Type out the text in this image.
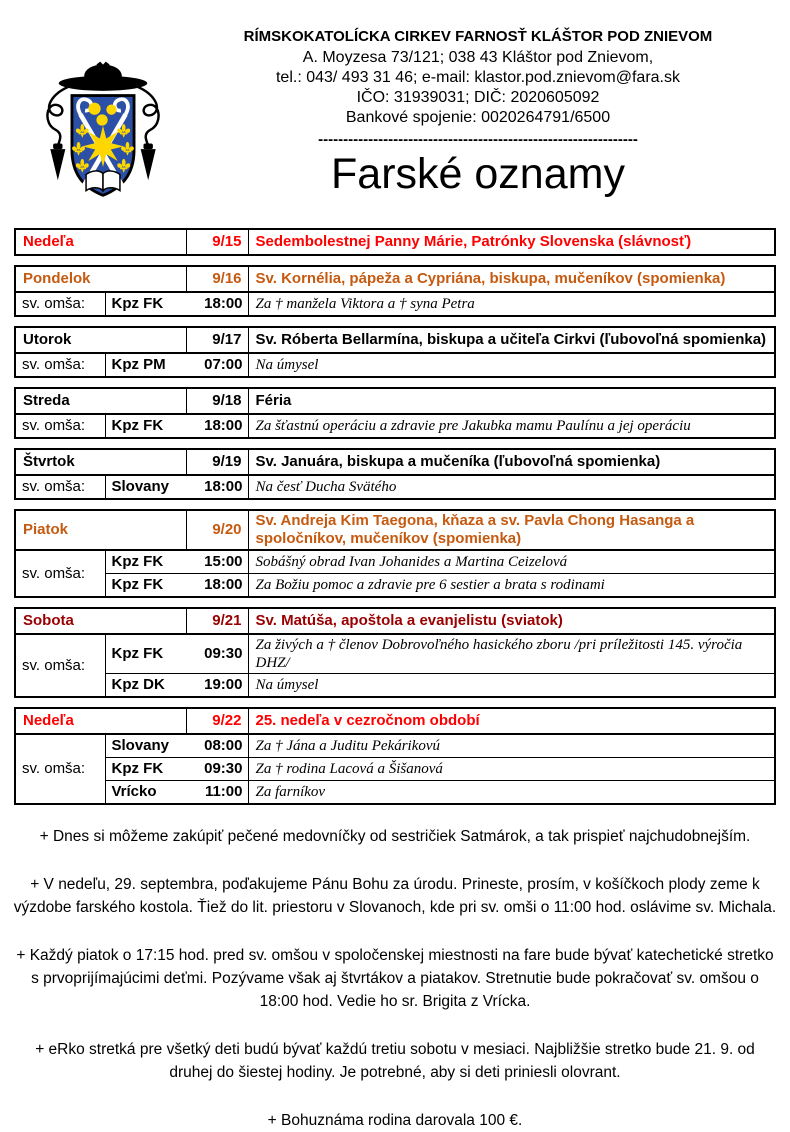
RÍMSKOKATOLÍCKA CIRKEV FARNOSŤ KLÁŠTOR POD ZNIEVOM
A. Moyzesa 73/121; 038 43 Kláštor pod Znievom,
tel.: 043/ 493 31 46; e-mail: klastor.pod.znievom@fara.sk
IČO: 31939031; DIČ: 2020605092
Bankové spojenie: 0020264791/6500
----------------------------------------------------------------
Farské oznamy
Nedeľa	9/15	Sedembolestnej Panny Márie, Patrónky Slovenska (slávnosť)
Pondelok		9/16	Sv. Kornélia, pápeža a Cypriána, biskupa, mučeníkov (spomienka)
sv. omša:	Kpz FK	18:00	Za † manžela Viktora a † syna Petra
Utorok		9/17	Sv. Róberta Bellarmína, biskupa a učiteľa Cirkvi (ľubovoľná spomienka)
sv. omša:	Kpz PM	07:00	Na úmysel
Streda		9/18	Féria
sv. omša:	Kpz FK	18:00	Za šťastnú operáciu a zdravie pre Jakubka mamu Paulínu a jej operáciu
Štvrtok		9/19	Sv. Januára, biskupa a mučeníka (ľubovoľná spomienka)
sv. omša:	Slovany	18:00	Na česť Ducha Svätého
Piatok		9/20	Sv. Andreja Kim Taegona, kňaza a sv. Pavla Chong Hasanga a spoločníkov, mučeníkov (spomienka)
sv. omša:	Kpz FK	15:00	Sobášný obrad Ivan Johanides a Martina Ceizelová
	Kpz FK	18:00	Za Božiu pomoc a zdravie pre 6 sestier a brata s rodinami
Sobota		9/21	Sv. Matúša, apoštola a evanjelistu (sviatok)
sv. omša:	Kpz FK	09:30	Za živých a † členov Dobrovoľného hasického zboru /pri príležitosti 145. výročia DHZ/
	Kpz DK	19:00	Na úmysel
Nedeľa		9/22	25. nedeľa v cezročnom období
sv. omša:	Slovany	08:00	Za † Jána a Juditu Pekárikovú
	Kpz FK	09:30	Za † rodina Lacová a Šišanová
	Vrícko	11:00	Za farníkov

+ Dnes si môžeme zakúpiť pečené medovníčky od sestričiek Satmárok, a tak prispieť najchudobnejším.

+ V nedeľu, 29. septembra, poďakujeme Pánu Bohu za úrodu. Prineste, prosím, v košíčkoch plody zeme k výzdobe farského kostola. Ťiež do lit. priestoru v Slovanoch, kde pri sv. omši o 11:00 hod. oslávime sv. Michala.

+ Každý piatok o 17:15 hod. pred sv. omšou v spoločenskej miestnosti na fare bude bývať katechetické stretko s prvoprijímajúcimi deťmi. Pozývame však aj štvrtákov a piatakov. Stretnutie bude pokračovať sv. omšou o 18:00 hod. Vedie ho sr. Brigita z Vrícka.

+ eRko stretká pre všetký deti budú bývať každú tretiu sobotu v mesiaci. Najbližšie stretko bude 21. 9. od druhej do šiestej hodiny. Je potrebné, aby si deti priniesli olovrant.

+ Bohuznáma rodina darovala 100 €.
